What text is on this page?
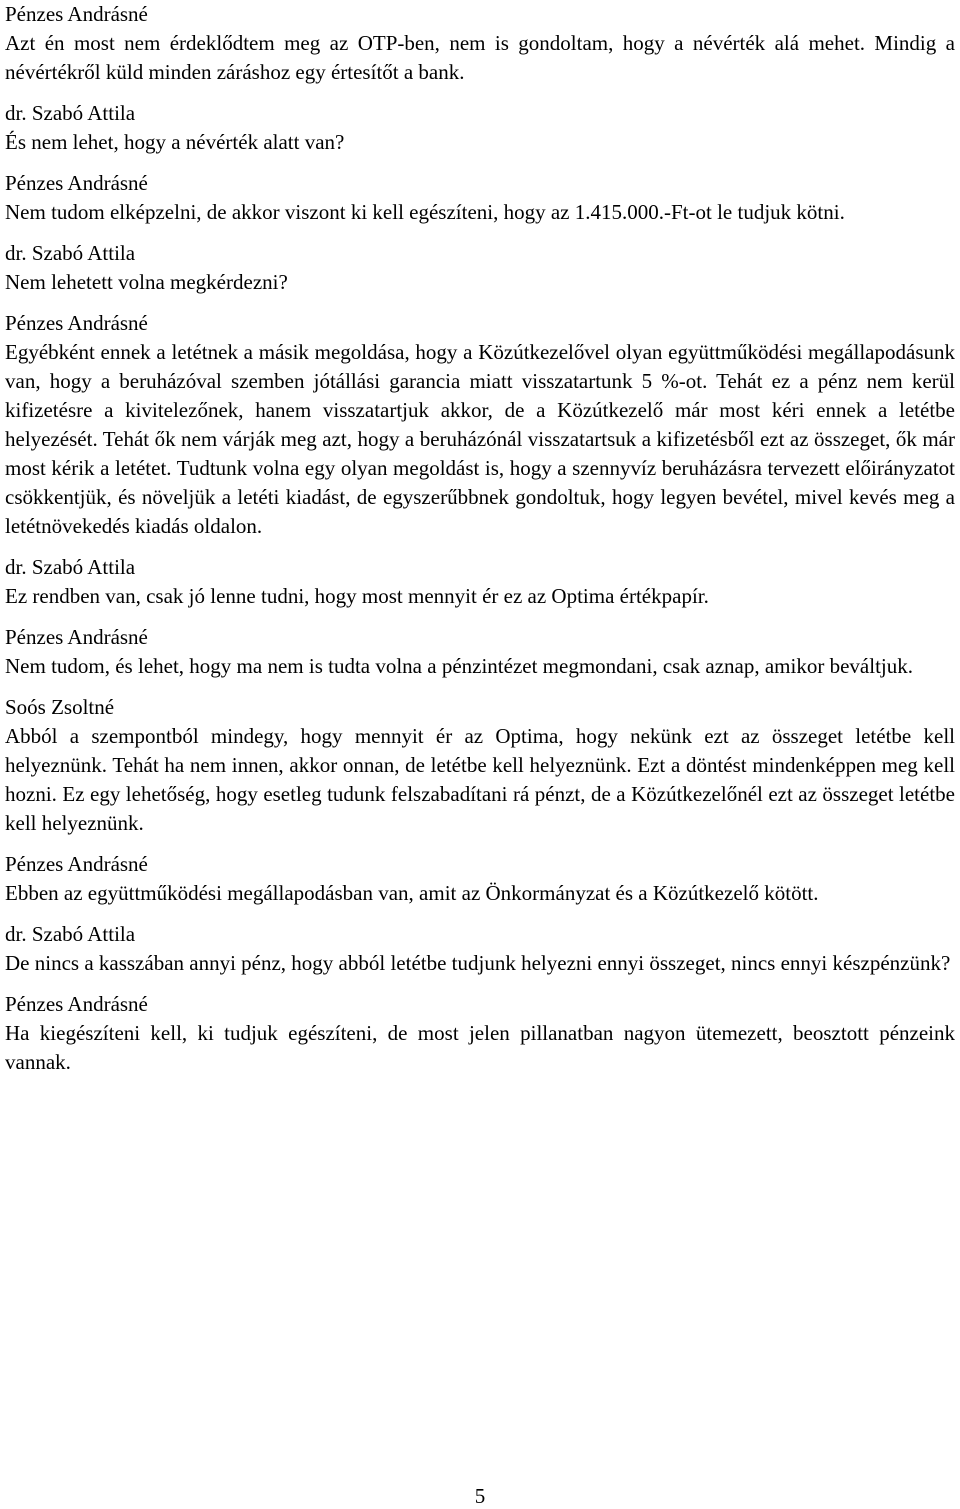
Pénzes Andrásné
Azt én most nem érdeklődtem meg az OTP-ben, nem is gondoltam, hogy a névérték alá mehet. Mindig a névértékről küld minden záráshoz egy értesítőt a bank.
dr. Szabó Attila
És nem lehet, hogy a névérték alatt van?
Pénzes Andrásné
Nem tudom elképzelni, de akkor viszont ki kell egészíteni, hogy az 1.415.000.-Ft-ot le tudjuk kötni.
dr. Szabó Attila
Nem lehetett volna megkérdezni?
Pénzes Andrásné
Egyébként ennek a letétnek a másik megoldása, hogy a Közútkezelővel olyan együttműködési megállapodásunk van, hogy a beruházóval szemben jótállási garancia miatt visszatartunk 5 %-ot. Tehát ez a pénz nem kerül kifizetésre a kivitelezőnek, hanem visszatartjuk akkor, de a Közútkezelő már most kéri ennek a letétbe helyezését. Tehát ők nem várják meg azt, hogy a beruházónál visszatartsuk a kifizetésből ezt az összeget, ők már most kérik a letétet. Tudtunk volna egy olyan megoldást is, hogy a szennyvíz beruházásra tervezett előirányzatot csökkentjük, és növeljük a letéti kiadást, de egyszerűbbnek gondoltuk, hogy legyen bevétel, mivel kevés meg a letétnövekedés kiadás oldalon.
dr. Szabó Attila
Ez rendben van, csak jó lenne tudni, hogy most mennyit ér ez az Optima értékpapír.
Pénzes Andrásné
Nem tudom, és lehet, hogy ma nem is tudta volna a pénzintézet megmondani, csak aznap, amikor beváltjuk.
Soós Zsoltné
Abból a szempontból mindegy, hogy mennyit ér az Optima, hogy nekünk ezt az összeget letétbe kell helyeznünk. Tehát ha nem innen, akkor onnan, de letétbe kell helyeznünk. Ezt a döntést mindenképpen meg kell hozni. Ez egy lehetőség, hogy esetleg tudunk felszabadítani rá pénzt, de a Közútkezelőnél ezt az összeget letétbe kell helyeznünk.
Pénzes Andrásné
Ebben az együttműködési megállapodásban van, amit az Önkormányzat és a Közútkezelő kötött.
dr. Szabó Attila
De nincs a kasszában annyi pénz, hogy abból letétbe tudjunk helyezni ennyi összeget, nincs ennyi készpénzünk?
Pénzes Andrásné
Ha kiegészíteni kell, ki tudjuk egészíteni, de most jelen pillanatban nagyon ütemezett, beosztott pénzeink vannak.
5
